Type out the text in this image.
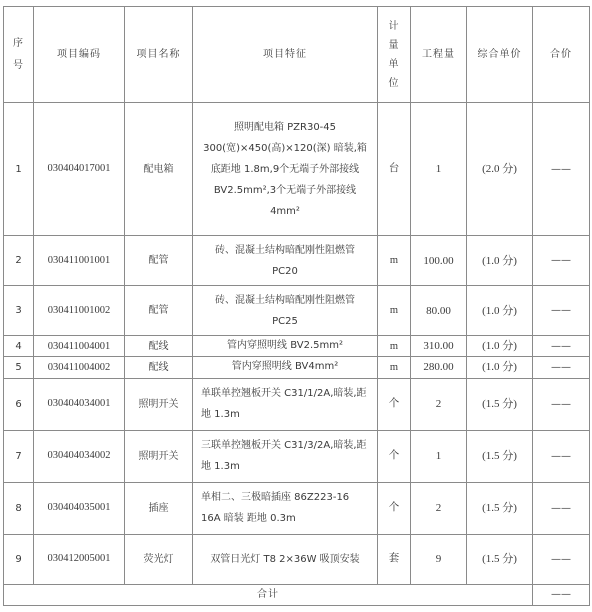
序号	项目编码	项目名称	项目特征	计量单位	工程量	综合单价	合价
1	030404017001	配电箱	照明配电箱 PZR30-45 300(宽)×450(高)×120(深) 暗装,箱底距地 1.8m,9个无端子外部接线 BV2.5mm²,3个无端子外部接线 4mm²	台	1	(2.0 分)	——
2	030411001001	配管	砖、混凝土结构暗配刚性阻燃管 PC20	m	100.00	(1.0 分)	——
3	030411001002	配管	砖、混凝土结构暗配刚性阻燃管 PC25	m	80.00	(1.0 分)	——
4	030411004001	配线	管内穿照明线 BV2.5mm²	m	310.00	(1.0 分)	——
5	030411004002	配线	管内穿照明线 BV4mm²	m	280.00	(1.0 分)	——
6	030404034001	照明开关	单联单控翘板开关 C31/1/2A,暗装,距地 1.3m	个	2	(1.5 分)	——
7	030404034002	照明开关	三联单控翘板开关 C31/3/2A,暗装,距地 1.3m	个	1	(1.5 分)	——
8	030404035001	插座	单相二、三极暗插座 86Z223-16 16A 暗装 距地 0.3m	个	2	(1.5 分)	——
9	030412005001	荧光灯	双管日光灯 T8 2×36W 吸顶安装	套	9	(1.5 分)	——
合计							——
